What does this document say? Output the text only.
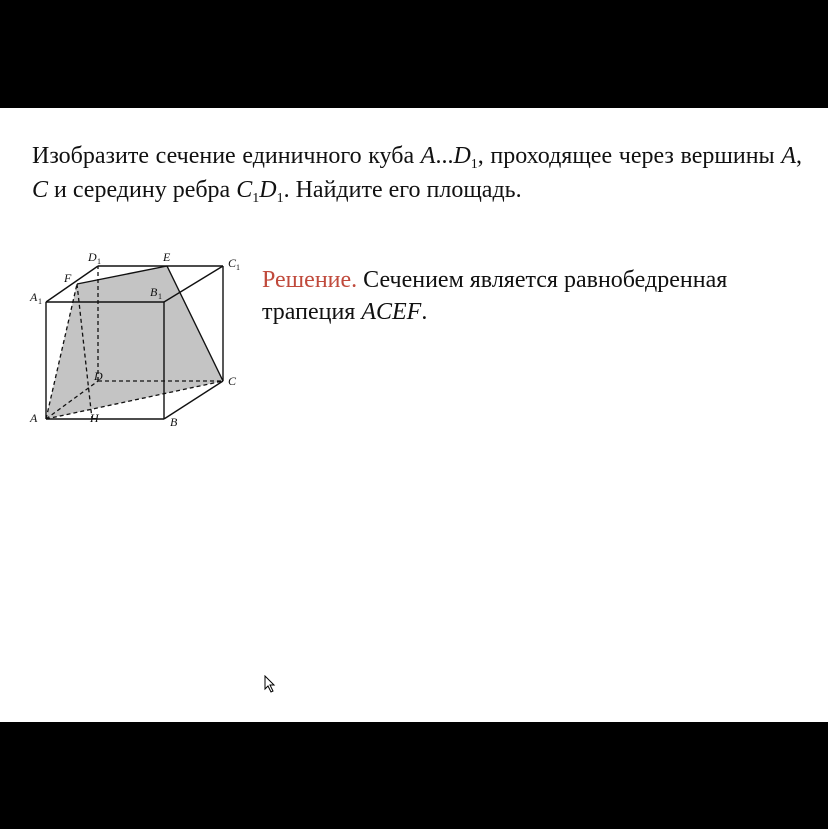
Изобразите сечение единичного куба $A...D_1$, проходящее через вершины A, C и середину ребра $C_1D_1$. Найдите его площадь.

A	H	B
C
D
A 1
B 1
C 1
D 1	E
F	Решение. Сечением является равнобедренная трапеция ACEF.
